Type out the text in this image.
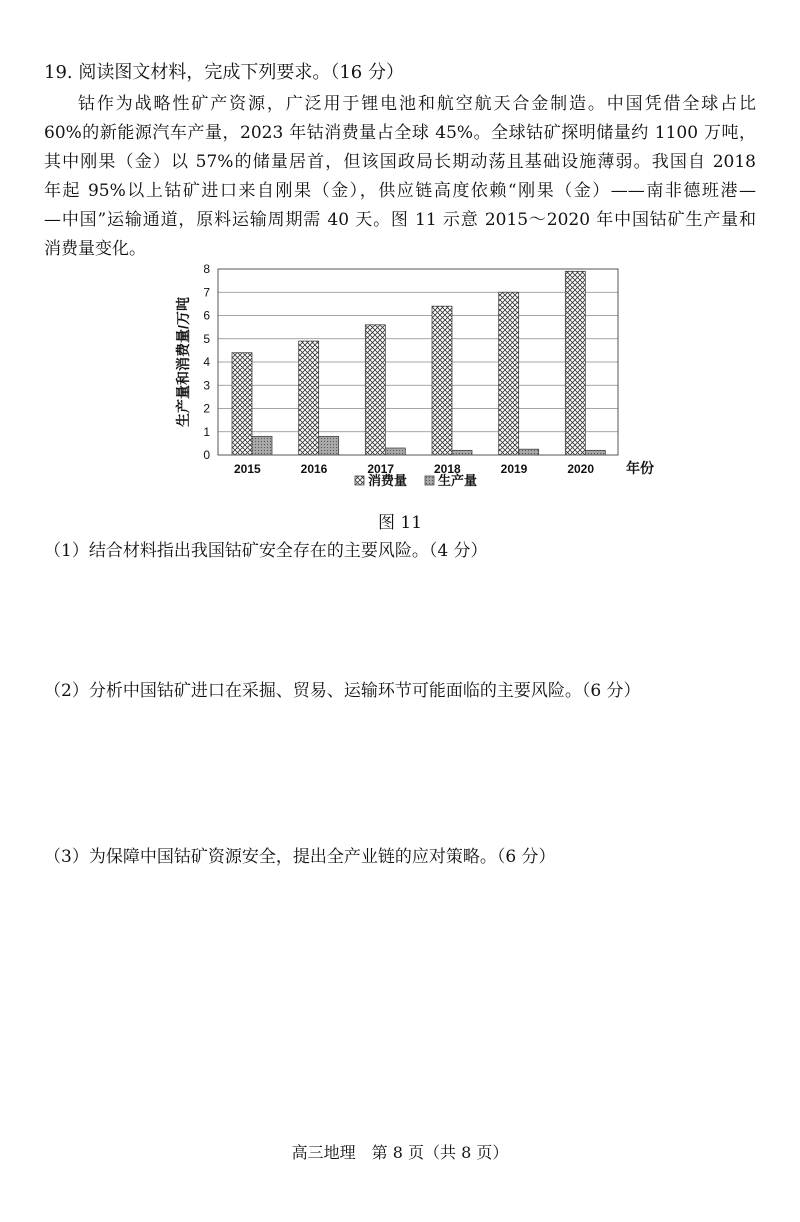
19. 阅读图文材料，完成下列要求。（16 分）
钴作为战略性矿产资源，广泛用于锂电池和航空航天合金制造。中国凭借全球占比
60%的新能源汽车产量，2023 年钴消费量占全球 45%。全球钴矿探明储量约 1100 万吨，
其中刚果（金）以 57%的储量居首，但该国政局长期动荡且基础设施薄弱。我国自 2018
年起 95%以上钴矿进口来自刚果（金），供应链高度依赖“刚果（金）——南非德班港—
—中国”运输通道，原料运输周期需 40 天。图 11 示意 2015～2020 年中国钴矿生产量和
消费量变化。
0
1
2
3
4
5
6
7
8
2015	2016	2017	2018	2019	2020 年份
生产量和消费量/万吨
消费量 生产量
图 11
（1）结合材料指出我国钴矿安全存在的主要风险。（4 分）
（2）分析中国钴矿进口在采掘、贸易、运输环节可能面临的主要风险。（6 分）
（3）为保障中国钴矿资源安全，提出全产业链的应对策略。（6 分）
高三地理　第 8 页（共 8 页）
